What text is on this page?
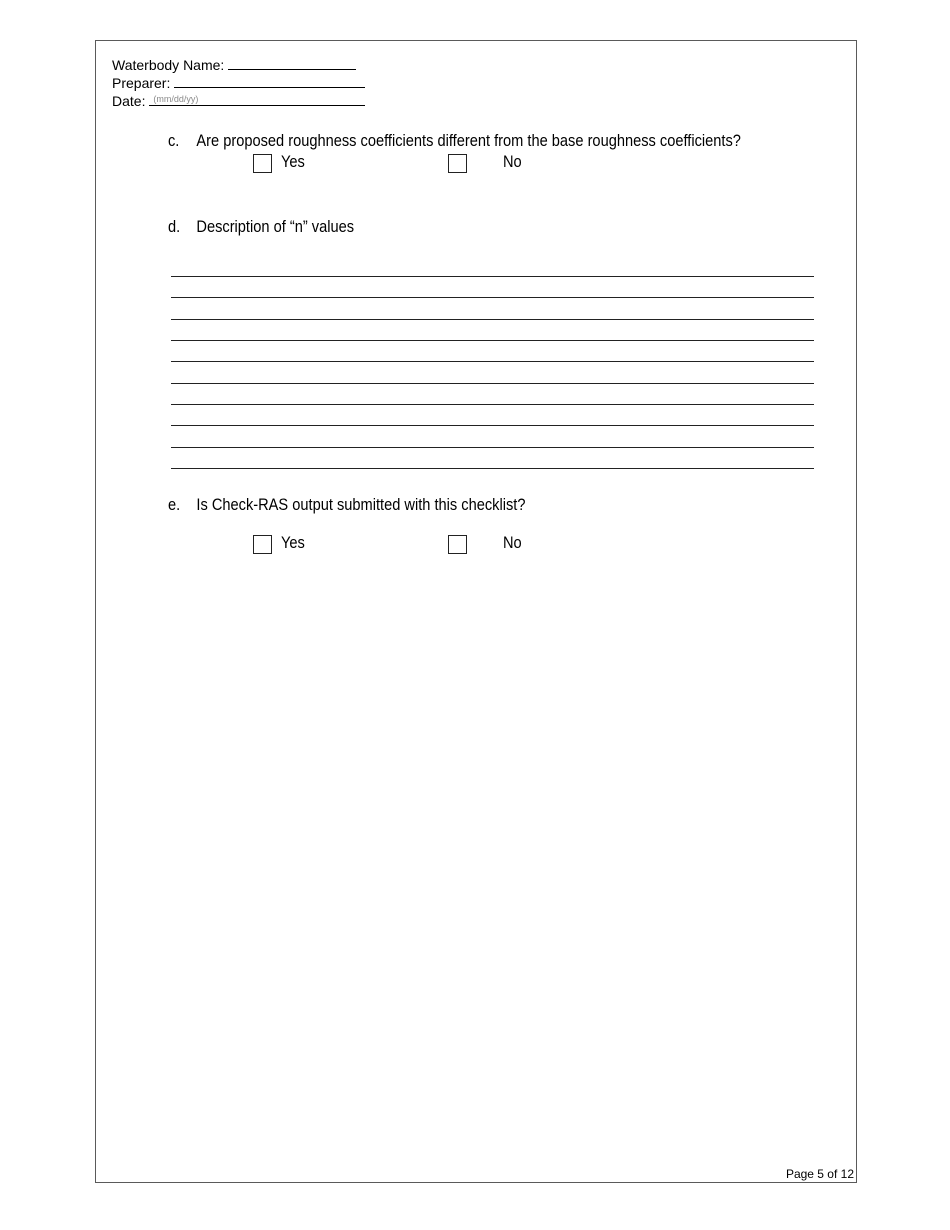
Waterbody Name:
Preparer:
Date: (mm/dd/yy)
c. Are proposed roughness coefficients different from the base roughness coefficients?
Yes	No
d. Description of “n” values
e. Is Check-RAS output submitted with this checklist?
Yes	No
Page 5 of 12
